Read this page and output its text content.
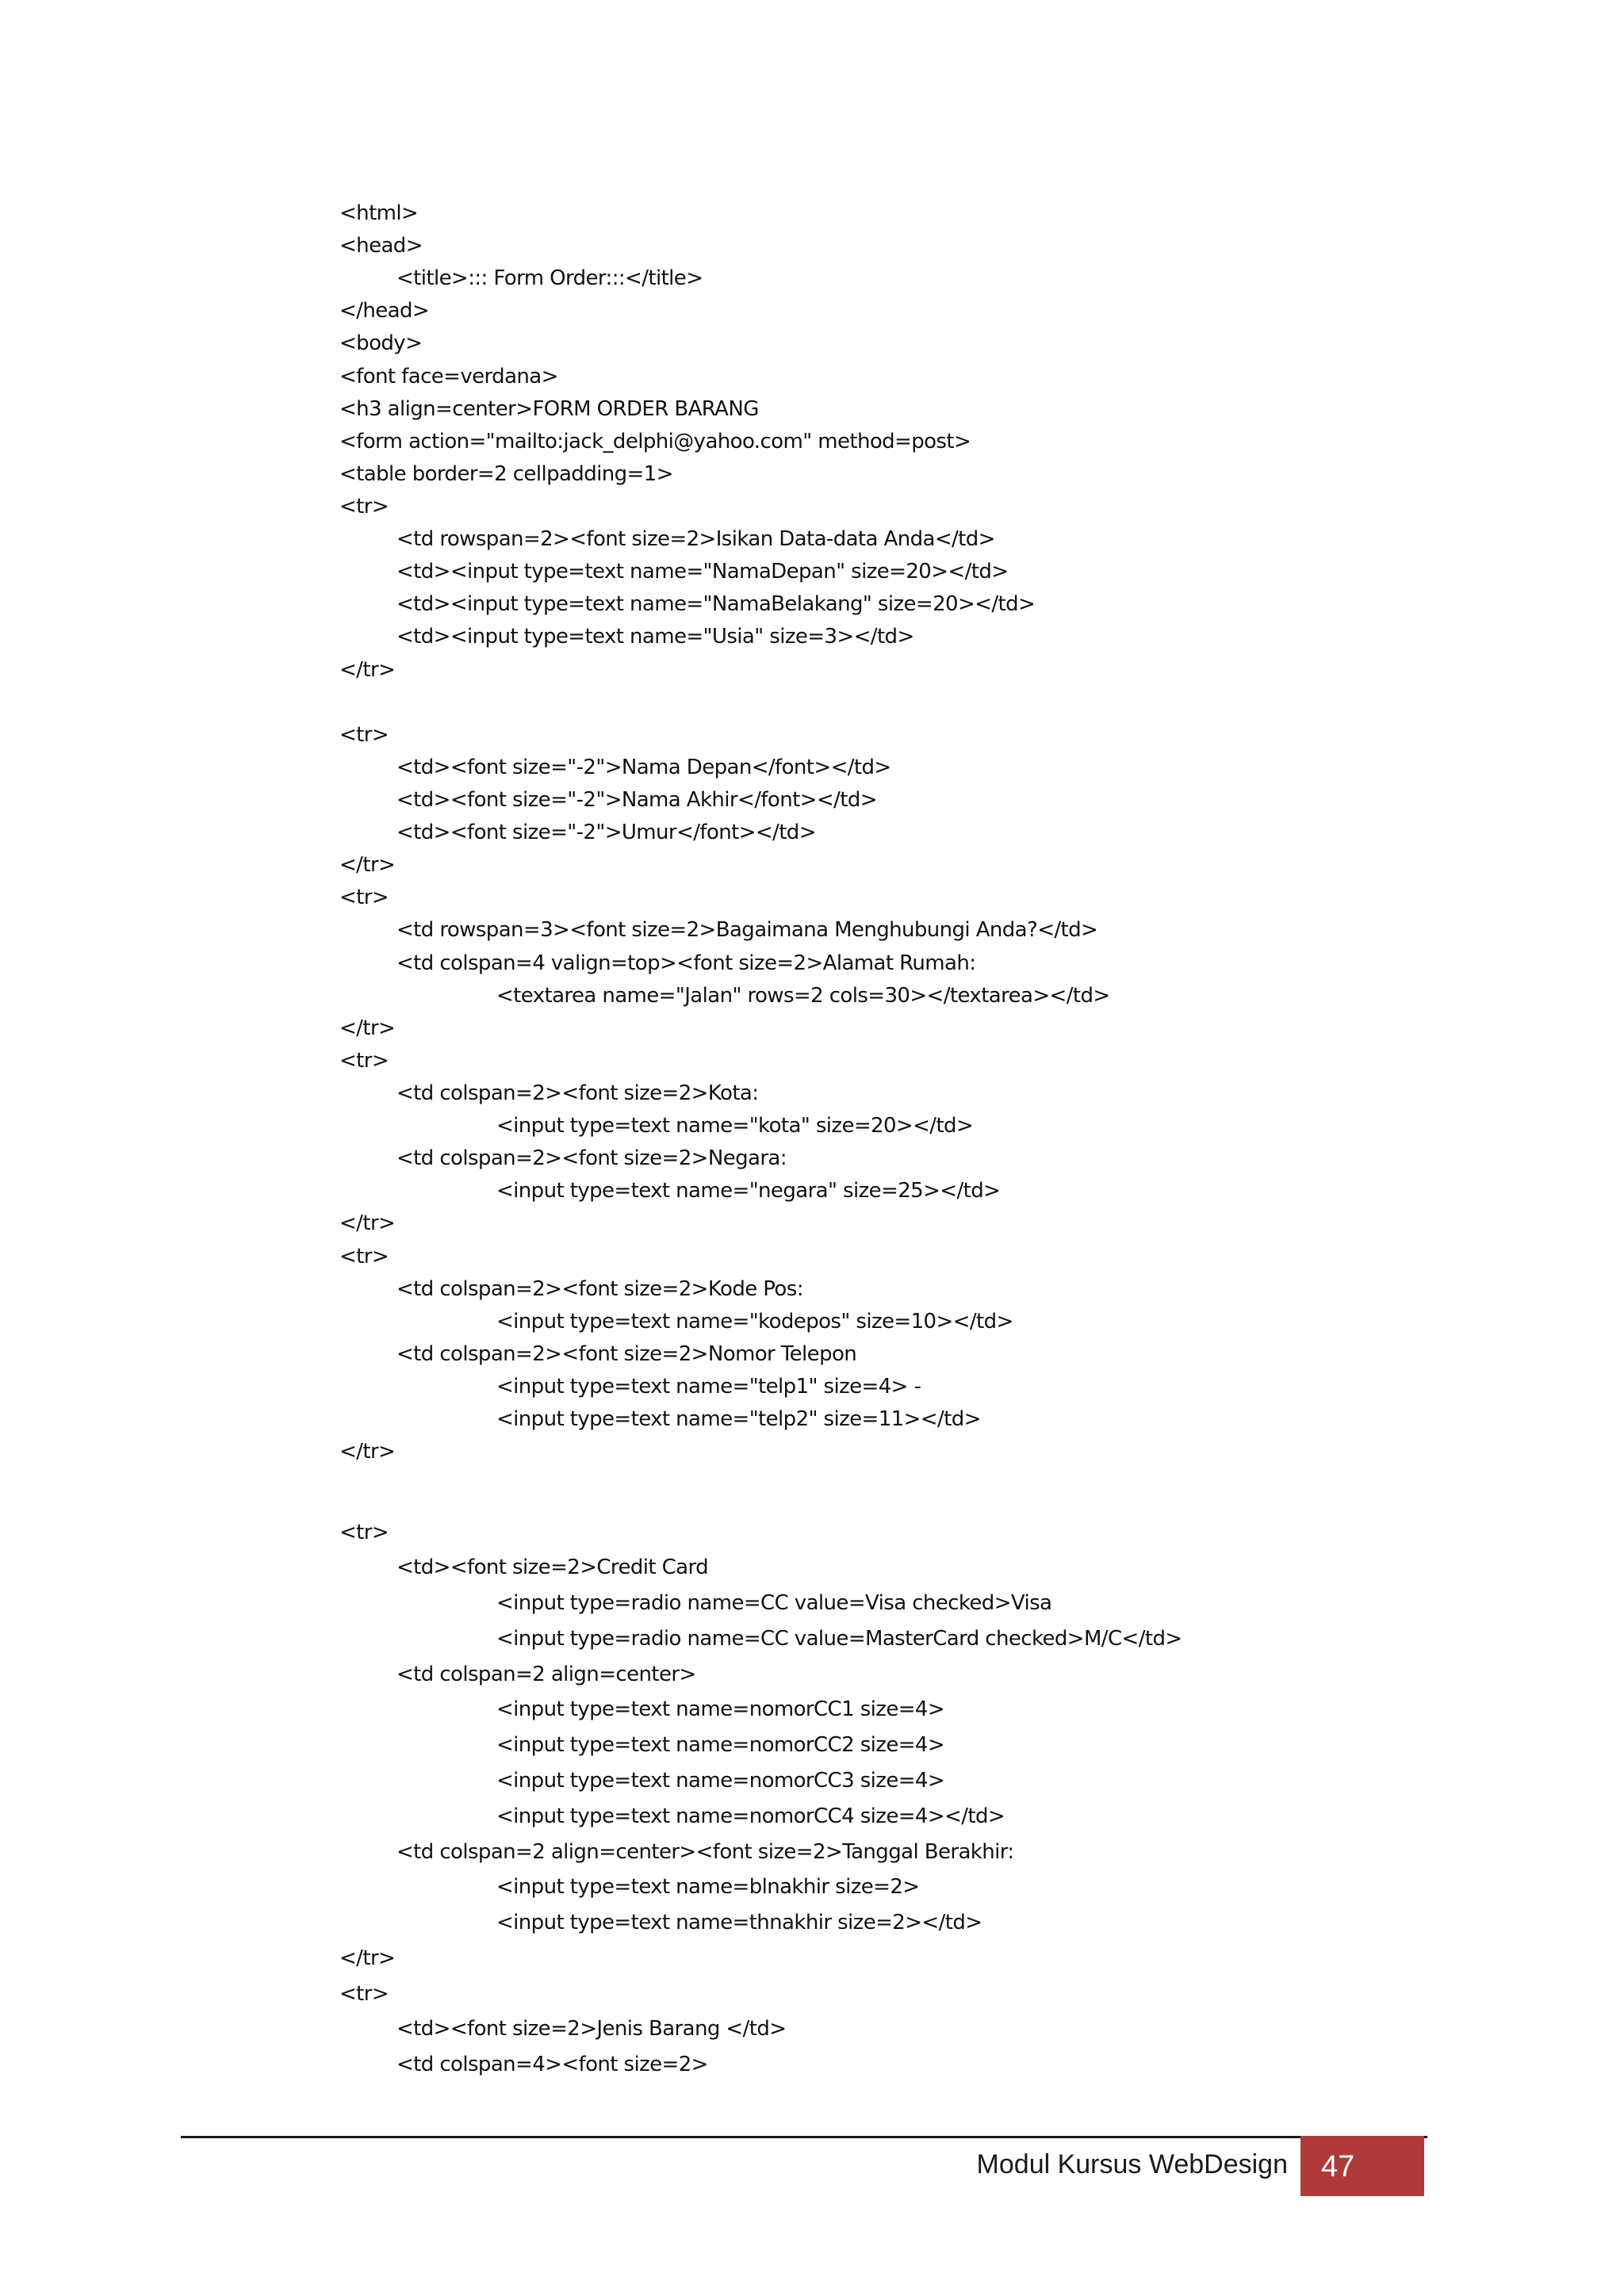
<html>
<head>
<title>::: Form Order:::</title>
</head>
<body>
<font face=verdana>
<h3 align=center>FORM ORDER BARANG
<form action="mailto:jack_delphi@yahoo.com" method=post>
<table border=2 cellpadding=1>
<tr>
<td rowspan=2><font size=2>Isikan Data-data Anda</td>
<td><input type=text name="NamaDepan" size=20></td>
<td><input type=text name="NamaBelakang" size=20></td>
<td><input type=text name="Usia" size=3></td>
</tr>
<tr>
<td><font size="-2">Nama Depan</font></td>
<td><font size="-2">Nama Akhir</font></td>
<td><font size="-2">Umur</font></td>
</tr>
<tr>
<td rowspan=3><font size=2>Bagaimana Menghubungi Anda?</td>
<td colspan=4 valign=top><font size=2>Alamat Rumah:
<textarea name="Jalan" rows=2 cols=30></textarea></td>
</tr>
<tr>
<td colspan=2><font size=2>Kota:
<input type=text name="kota" size=20></td>
<td colspan=2><font size=2>Negara:
<input type=text name="negara" size=25></td>
</tr>
<tr>
<td colspan=2><font size=2>Kode Pos:
<input type=text name="kodepos" size=10></td>
<td colspan=2><font size=2>Nomor Telepon
<input type=text name="telp1" size=4> -
<input type=text name="telp2" size=11></td>
</tr>
<tr>
<td><font size=2>Credit Card
<input type=radio name=CC value=Visa checked>Visa
<input type=radio name=CC value=MasterCard checked>M/C</td>
<td colspan=2 align=center>
<input type=text name=nomorCC1 size=4>
<input type=text name=nomorCC2 size=4>
<input type=text name=nomorCC3 size=4>
<input type=text name=nomorCC4 size=4></td>
<td colspan=2 align=center><font size=2>Tanggal Berakhir:
<input type=text name=blnakhir size=2>
<input type=text name=thnakhir size=2></td>
</tr>
<tr>
<td><font size=2>Jenis Barang </td>
<td colspan=4><font size=2>
Modul Kursus WebDesign 47
